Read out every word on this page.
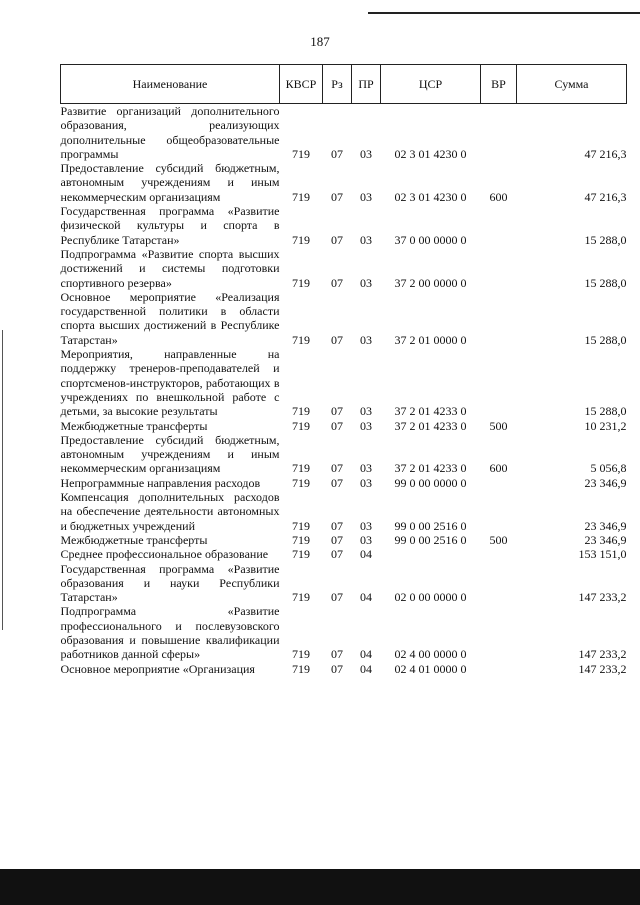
187
Наименование	КВСР	Рз	ПР	ЦСР	ВР	Сумма
Развитие организаций дополнительного образования, реализующих дополнительные общеобразовательные программы	719	07	03	02 3 01 4230 0		47 216,3
Предоставление субсидий бюджетным, автономным учреждениям и иным некоммерческим организациям	719	07	03	02 3 01 4230 0	600	47 216,3
Государственная программа «Развитие физической культуры и спорта в Республике Татарстан»	719	07	03	37 0 00 0000 0		15 288,0
Подпрограмма «Развитие спорта высших достижений и системы подготовки спортивного резерва»	719	07	03	37 2 00 0000 0		15 288,0
Основное мероприятие «Реализация государственной политики в области спорта высших достижений в Республике Татарстан»	719	07	03	37 2 01 0000 0		15 288,0
Мероприятия, направленные на поддержку тренеров-преподавателей и спортсменов-инструкторов, работающих в учреждениях по внешкольной работе с детьми, за высокие результаты	719	07	03	37 2 01 4233 0		15 288,0
Межбюджетные трансферты	719	07	03	37 2 01 4233 0	500	10 231,2
Предоставление субсидий бюджетным, автономным учреждениям и иным некоммерческим организациям	719	07	03	37 2 01 4233 0	600	5 056,8
Непрограммные направления расходов	719	07	03	99 0 00 0000 0		23 346,9
Компенсация дополнительных расходов на обеспечение деятельности автономных и бюджетных учреждений	719	07	03	99 0 00 2516 0		23 346,9
Межбюджетные трансферты	719	07	03	99 0 00 2516 0	500	23 346,9
Среднее профессиональное образование	719	07	04			153 151,0
Государственная программа «Развитие образования и науки Республики Татарстан»	719	07	04	02 0 00 0000 0		147 233,2
Подпрограмма «Развитие профессионального и послевузовского образования и повышение квалификации работников данной сферы»	719	07	04	02 4 00 0000 0		147 233,2
Основное мероприятие «Организация	719	07	04	02 4 01 0000 0		147 233,2
